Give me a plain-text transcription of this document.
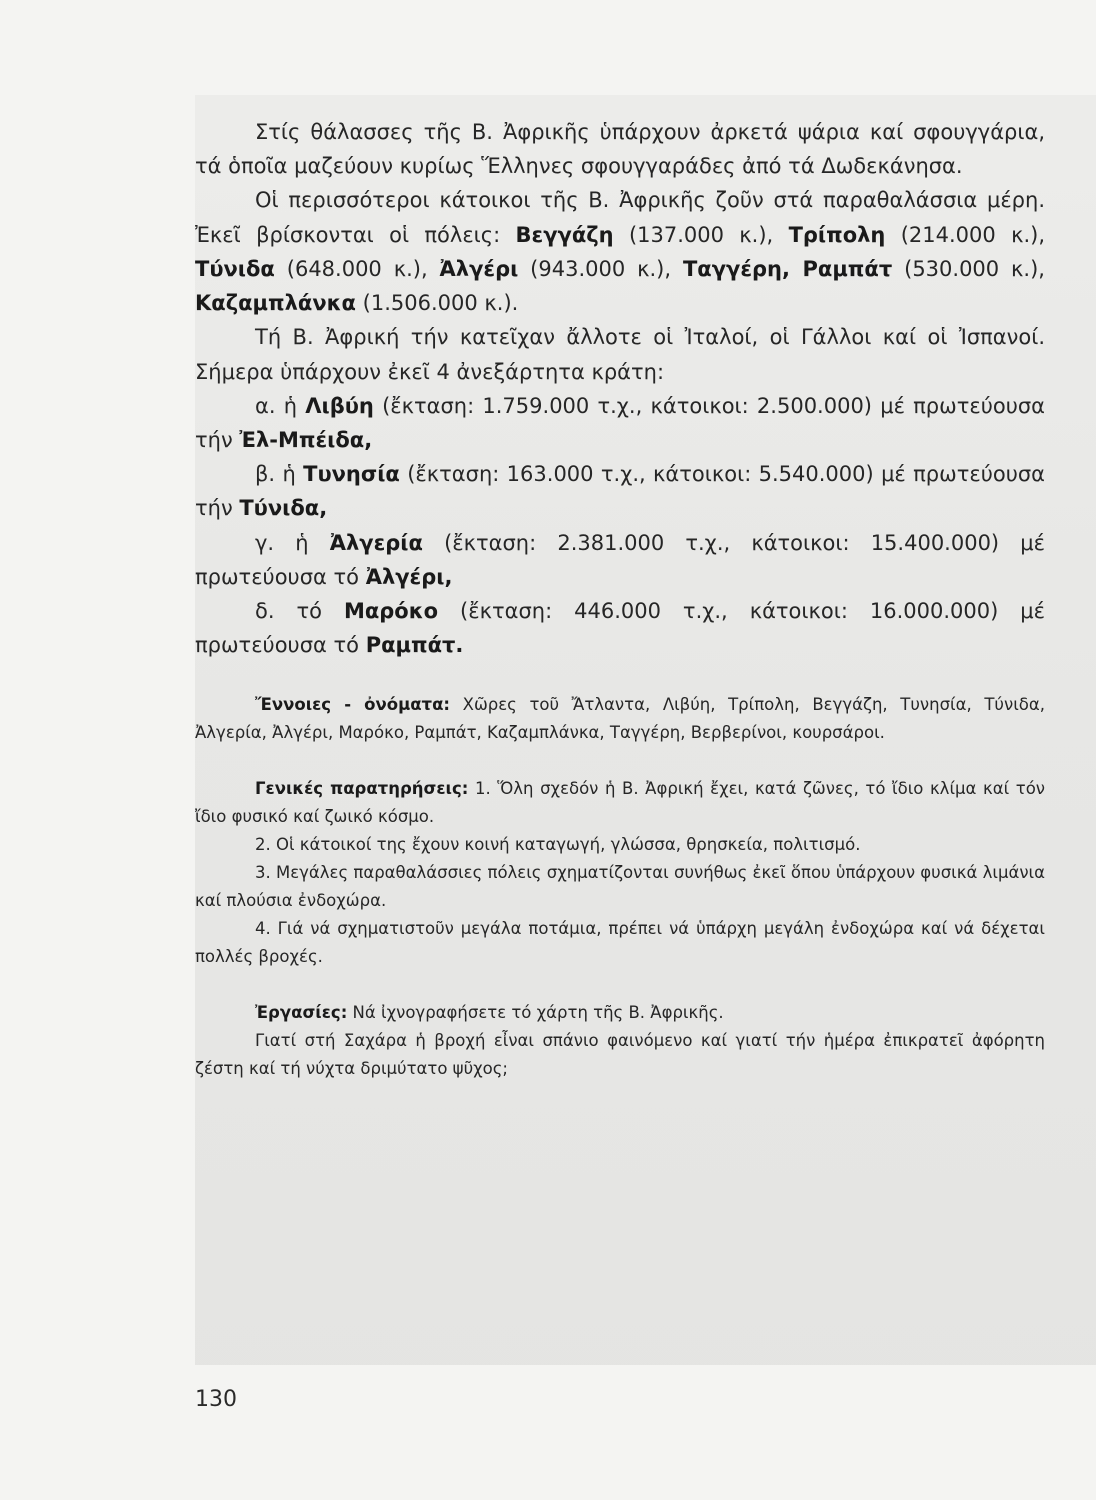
Στίς θάλασσες τῆς Β. Ἀφρικῆς ὑπάρχουν ἀρκετά ψάρια καί σφουγγάρια, τά ὁποῖα μαζεύουν κυρίως Ἕλληνες σφουγγαράδες ἀπό τά Δωδεκάνησα.

Οἱ περισσότεροι κάτοικοι τῆς Β. Ἀφρικῆς ζοῦν στά παραθαλάσσια μέρη. Ἐκεῖ βρίσκονται οἱ πόλεις: Βεγγάζη (137.000 κ.), Τρίπολη (214.000 κ.), Τύνιδα (648.000 κ.), Ἀλγέρι (943.000 κ.), Ταγγέρη, Ραμπάτ (530.000 κ.), Καζαμπλάνκα (1.506.000 κ.).

Τή Β. Ἀφρική τήν κατεῖχαν ἄλλοτε οἱ Ἰταλοί, οἱ Γάλλοι καί οἱ Ἰσπανοί. Σήμερα ὑπάρχουν ἐκεῖ 4 ἀνεξάρτητα κράτη:

α. ἡ Λιβύη (ἔκταση: 1.759.000 τ.χ., κάτοικοι: 2.500.000) μέ πρωτεύουσα τήν Ἐλ-Μπέιδα,

β. ἡ Τυνησία (ἔκταση: 163.000 τ.χ., κάτοικοι: 5.540.000) μέ πρωτεύουσα τήν Τύνιδα,

γ. ἡ Ἀλγερία (ἔκταση: 2.381.000 τ.χ., κάτοικοι: 15.400.000) μέ πρωτεύουσα τό Ἀλγέρι,

δ. τό Μαρόκο (ἔκταση: 446.000 τ.χ., κάτοικοι: 16.000.000) μέ πρωτεύουσα τό Ραμπάτ.

Ἔννοιες - ὀνόματα: Χῶρες τοῦ Ἄτλαντα, Λιβύη, Τρίπολη, Βεγγάζη, Τυνησία, Τύνιδα, Ἀλγερία, Ἀλγέρι, Μαρόκο, Ραμπάτ, Καζαμπλάνκα, Ταγγέρη, Βερβερίνοι, κουρσάροι.

Γενικές παρατηρήσεις: 1. Ὅλη σχεδόν ἡ Β. Ἀφρική ἔχει, κατά ζῶνες, τό ἴδιο κλίμα καί τόν ἴδιο φυσικό καί ζωικό κόσμο.

2. Οἱ κάτοικοί της ἔχουν κοινή καταγωγή, γλώσσα, θρησκεία, πολιτισμό.

3. Μεγάλες παραθαλάσσιες πόλεις σχηματίζονται συνήθως ἐκεῖ ὅπου ὑπάρχουν φυσικά λιμάνια καί πλούσια ἐνδοχώρα.

4. Γιά νά σχηματιστοῦν μεγάλα ποτάμια, πρέπει νά ὑπάρχη μεγάλη ἐνδοχώρα καί νά δέχεται πολλές βροχές.

Ἐργασίες: Νά ἰχνογραφήσετε τό χάρτη τῆς Β. Ἀφρικῆς.

Γιατί στή Σαχάρα ἡ βροχή εἶναι σπάνιο φαινόμενο καί γιατί τήν ἡμέρα ἐπικρατεῖ ἀφόρητη ζέστη καί τή νύχτα δριμύτατο ψῦχος;

130
